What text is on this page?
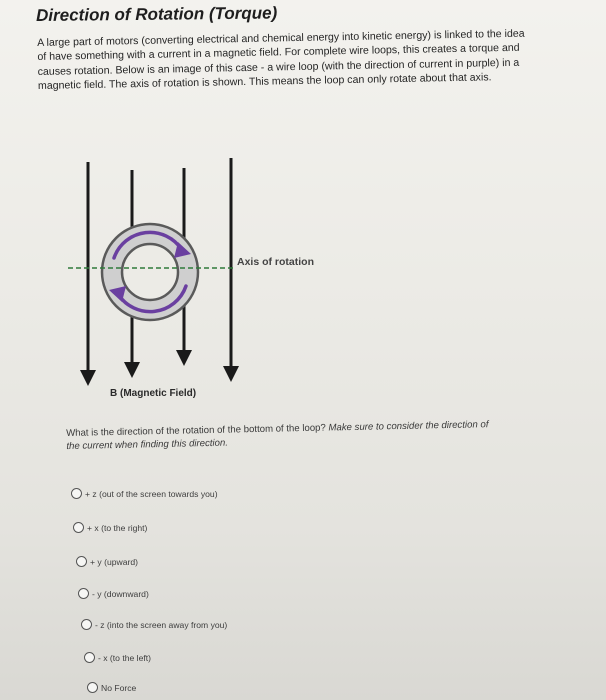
Direction of Rotation (Torque)

A large part of motors (converting electrical and chemical energy into kinetic energy) is linked to the idea of have something with a current in a magnetic field. For complete wire loops, this creates a torque and causes rotation. Below is an image of this case - a wire loop (with the direction of current in purple) in a magnetic field. The axis of rotation is shown. This means the loop can only rotate about that axis.

Axis of rotation
B (Magnetic Field)

What is the direction of the rotation of the bottom of the loop? Make sure to consider the direction of the current when finding this direction.

+ z (out of the screen towards you)
+ x (to the right)
+ y (upward)
- y (downward)
- z (into the screen away from you)
- x (to the left)
No Force
